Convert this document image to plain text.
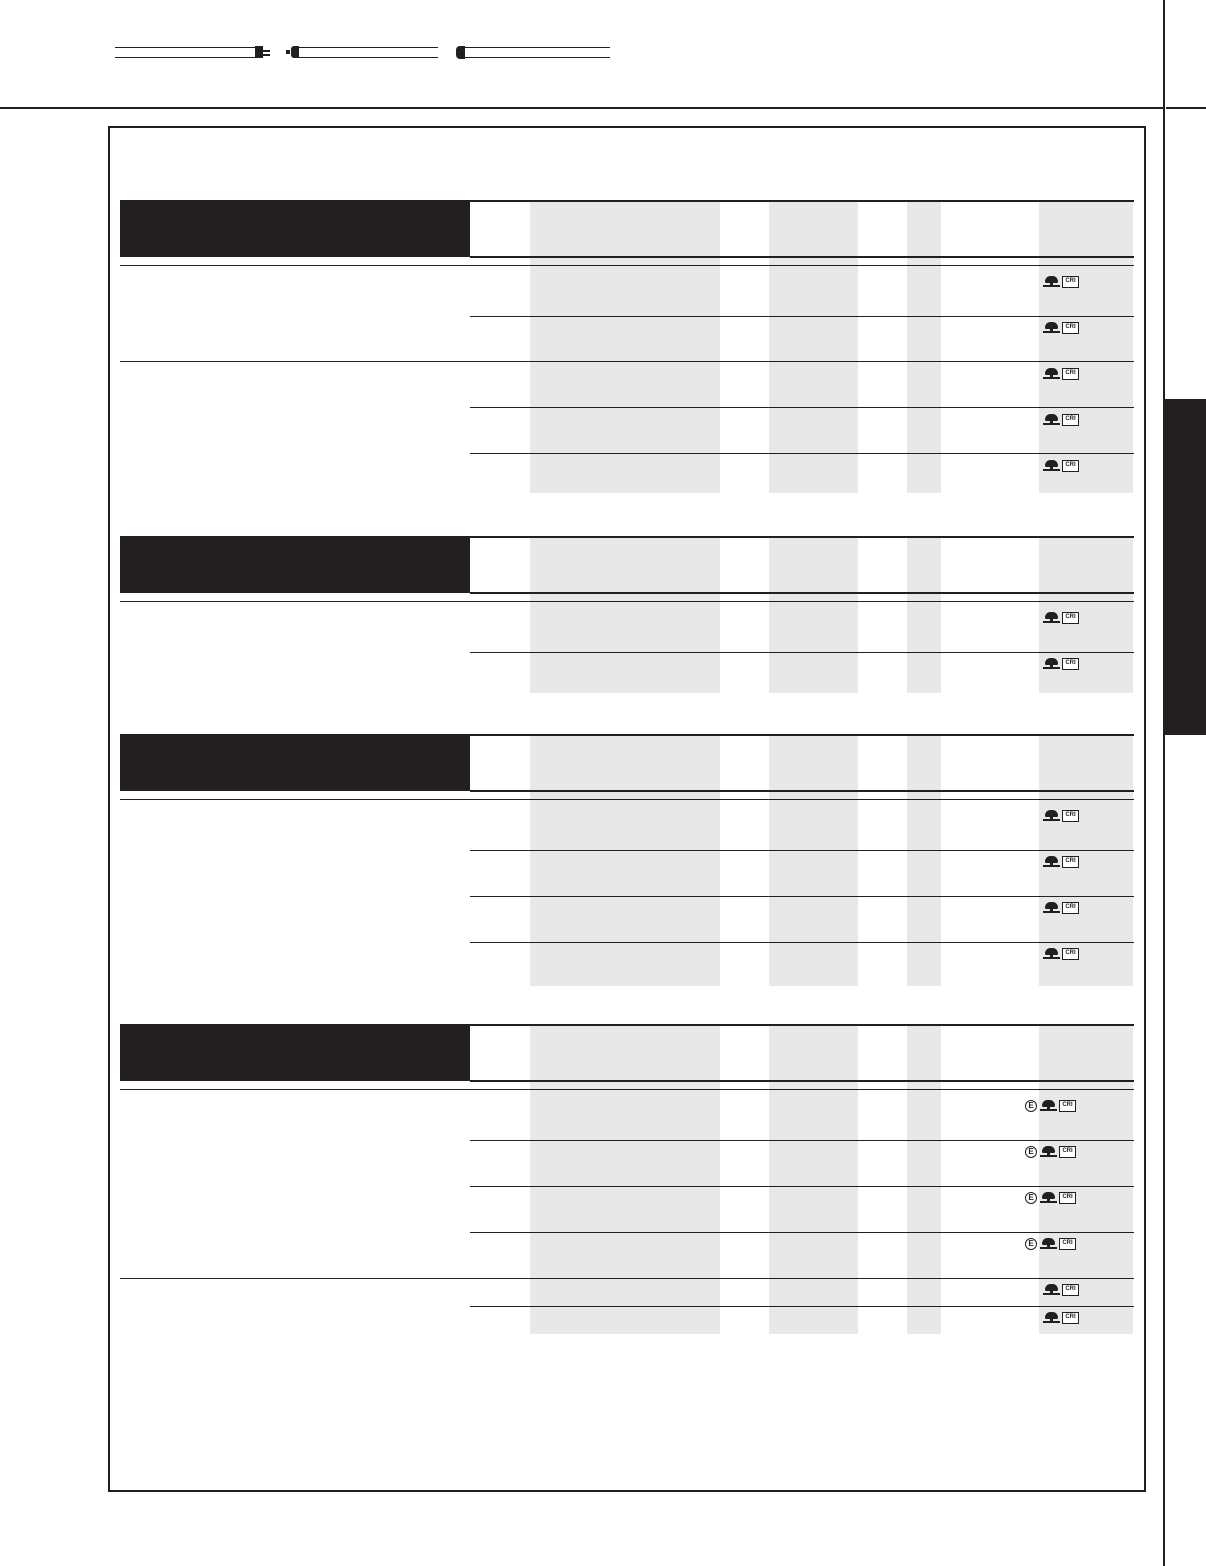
CRI
CRI
CRI
CRI
CRI
CRI
CRI
CRI
CRI
CRI
CRI
E	CRI
E	CRI
E	CRI
E	CRI
CRI
CRI
